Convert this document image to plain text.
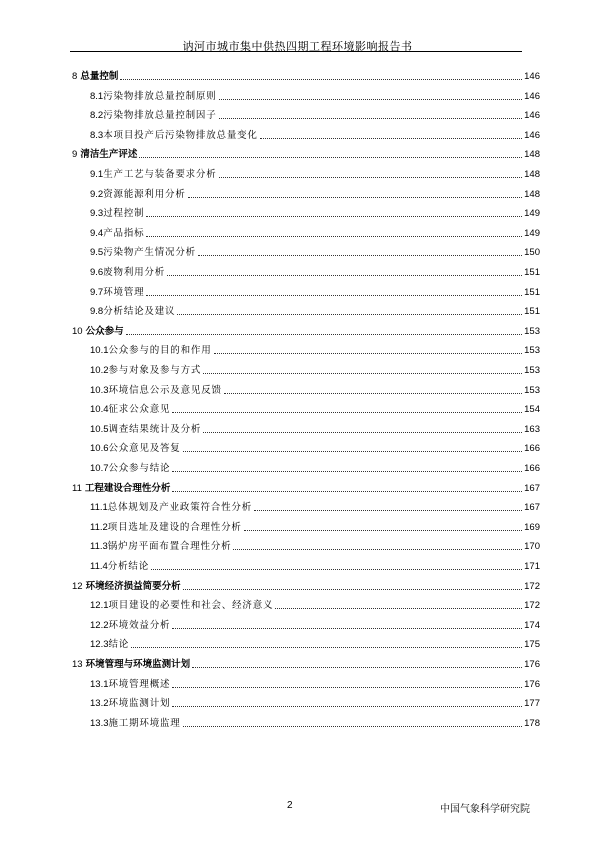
讷河市城市集中供热四期工程环境影响报告书
8 总量控制	146
8.1污染物排放总量控制原则	146
8.2污染物排放总量控制因子	146
8.3本项目投产后污染物排放总量变化	146
9 清洁生产评述	148
9.1生产工艺与装备要求分析	148
9.2资源能源利用分析	148
9.3过程控制	149
9.4产品指标	149
9.5污染物产生情况分析	150
9.6废物利用分析	151
9.7环境管理	151
9.8分析结论及建议	151
10 公众参与	153
10.1公众参与的目的和作用	153
10.2参与对象及参与方式	153
10.3环境信息公示及意见反馈	153
10.4征求公众意见	154
10.5调查结果统计及分析	163
10.6公众意见及答复	166
10.7公众参与结论	166
11 工程建设合理性分析	167
11.1总体规划及产业政策符合性分析	167
11.2项目选址及建设的合理性分析	169
11.3锅炉房平面布置合理性分析	170
11.4分析结论	171
12 环境经济损益简要分析	172
12.1项目建设的必要性和社会、经济意义	172
12.2环境效益分析	174
12.3结论	175
13 环境管理与环境监测计划	176
13.1环境管理概述	176
13.2环境监测计划	177
13.3施工期环境监理	178
2	中国气象科学研究院
